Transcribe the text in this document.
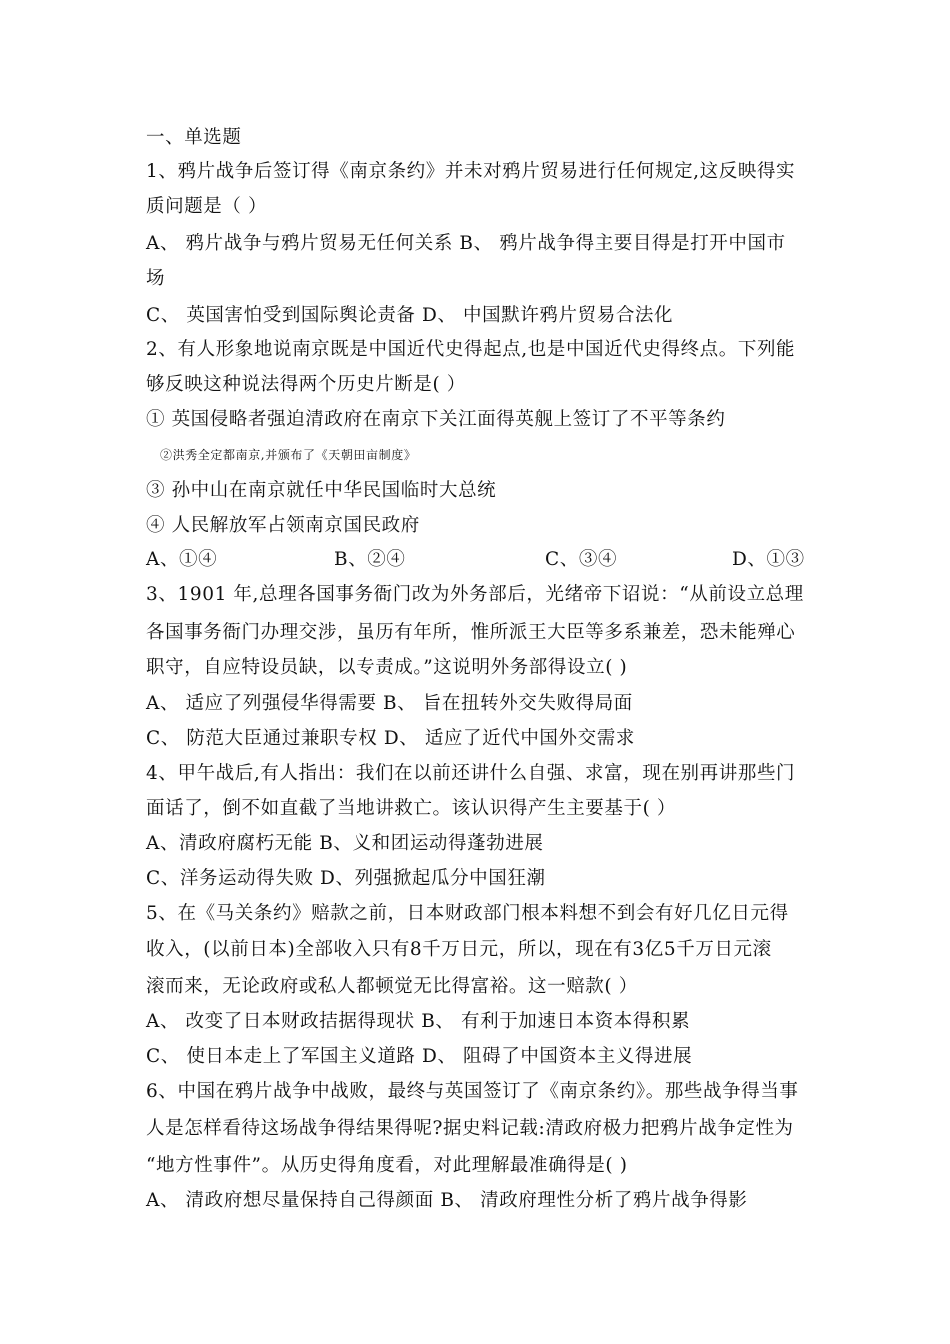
一、单选题
1、鸦片战争后签订得《南京条约》并未对鸦片贸易进行任何规定,这反映得实
质问题是（ ）
A、 鸦片战争与鸦片贸易无任何关系 B、 鸦片战争得主要目得是打开中国市
场
C、 英国害怕受到国际舆论责备 D、 中国默许鸦片贸易合法化
2、有人形象地说南京既是中国近代史得起点,也是中国近代史得终点。下列能
够反映这种说法得两个历史片断是( ）
① 英国侵略者强迫清政府在南京下关江面得英舰上签订了不平等条约
②洪秀全定都南京,并颁布了《天朝田亩制度》
③ 孙中山在南京就任中华民国临时大总统
④ 人民解放军占领南京国民政府
A、①④	B、②④	C、③④	D、①③
3、1901 年,总理各国事务衙门改为外务部后，光绪帝下诏说：“从前设立总理
各国事务衙门办理交涉，虽历有年所，惟所派王大臣等多系兼差，恐未能殚心
职守，自应特设员缺，以专责成。”这说明外务部得设立( )
A、 适应了列强侵华得需要 B、 旨在扭转外交失败得局面
C、 防范大臣通过兼职专权 D、 适应了近代中国外交需求
4、甲午战后,有人指出：我们在以前还讲什么自强、求富，现在别再讲那些门
面话了，倒不如直截了当地讲救亡。该认识得产生主要基于( ）
A、清政府腐朽无能 B、义和团运动得蓬勃进展
C、洋务运动得失败 D、列强掀起瓜分中国狂潮
5、在《马关条约》赔款之前，日本财政部门根本料想不到会有好几亿日元得
收入，(以前日本)全部收入只有8千万日元，所以，现在有3亿5千万日元滚
滚而来，无论政府或私人都顿觉无比得富裕。这一赔款( ）
A、 改变了日本财政拮据得现状 B、 有利于加速日本资本得积累
C、 使日本走上了军国主义道路 D、 阻碍了中国资本主义得进展
6、中国在鸦片战争中战败，最终与英国签订了《南京条约》。那些战争得当事
人是怎样看待这场战争得结果得呢?据史料记载:清政府极力把鸦片战争定性为
“地方性事件”。从历史得角度看，对此理解最准确得是( )
A、 清政府想尽量保持自己得颜面 B、 清政府理性分析了鸦片战争得影
